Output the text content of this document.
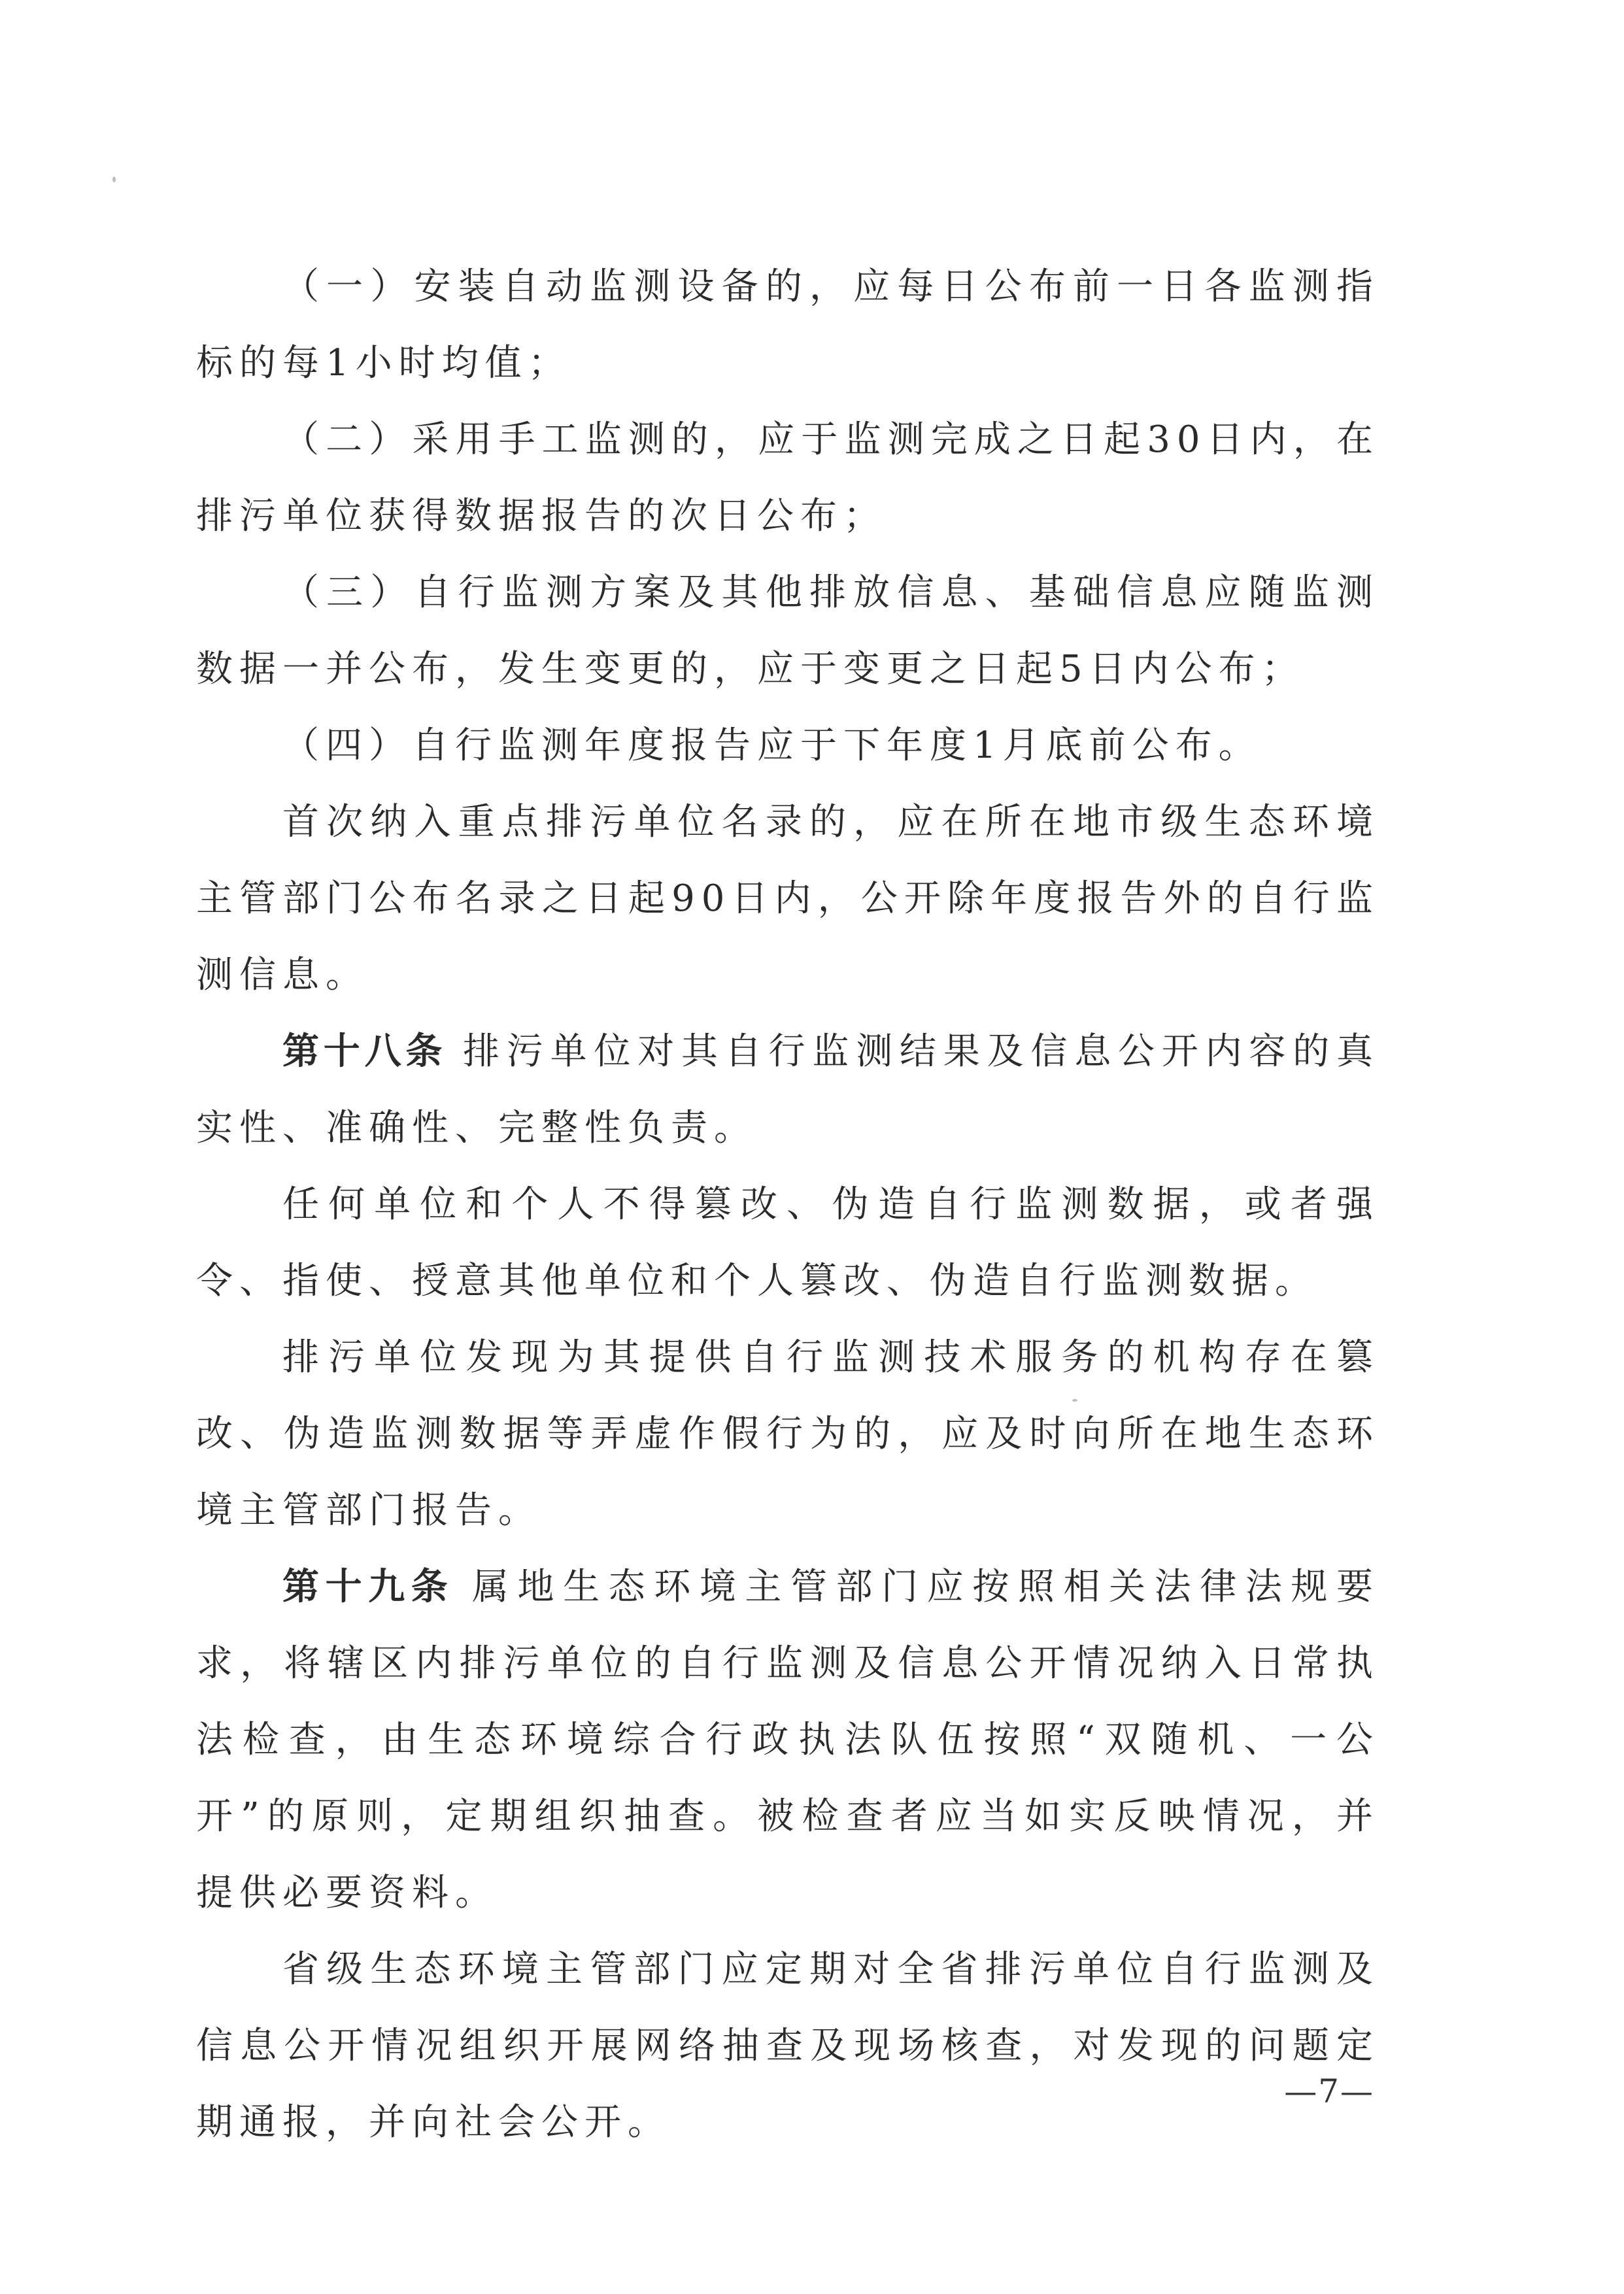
（一）安装自动监测设备的，应每日公布前一日各监测指标的每1小时均值；

（二）采用手工监测的，应于监测完成之日起30日内，在排污单位获得数据报告的次日公布；

（三）自行监测方案及其他排放信息、基础信息应随监测数据一并公布，发生变更的，应于变更之日起5日内公布；

（四）自行监测年度报告应于下年度1月底前公布。

首次纳入重点排污单位名录的，应在所在地市级生态环境主管部门公布名录之日起90日内，公开除年度报告外的自行监测信息。

第十八条 排污单位对其自行监测结果及信息公开内容的真实性、准确性、完整性负责。

任何单位和个人不得篡改、伪造自行监测数据，或者强令、指使、授意其他单位和个人篡改、伪造自行监测数据。

排污单位发现为其提供自行监测技术服务的机构存在篡改、伪造监测数据等弄虚作假行为的，应及时向所在地生态环境主管部门报告。

第十九条 属地生态环境主管部门应按照相关法律法规要求，将辖区内排污单位的自行监测及信息公开情况纳入日常执法检查，由生态环境综合行政执法队伍按照“双随机、一公开”的原则，定期组织抽查。被检查者应当如实反映情况，并提供必要资料。

省级生态环境主管部门应定期对全省排污单位自行监测及信息公开情况组织开展网络抽查及现场核查，对发现的问题定期通报，并向社会公开。

—7—
